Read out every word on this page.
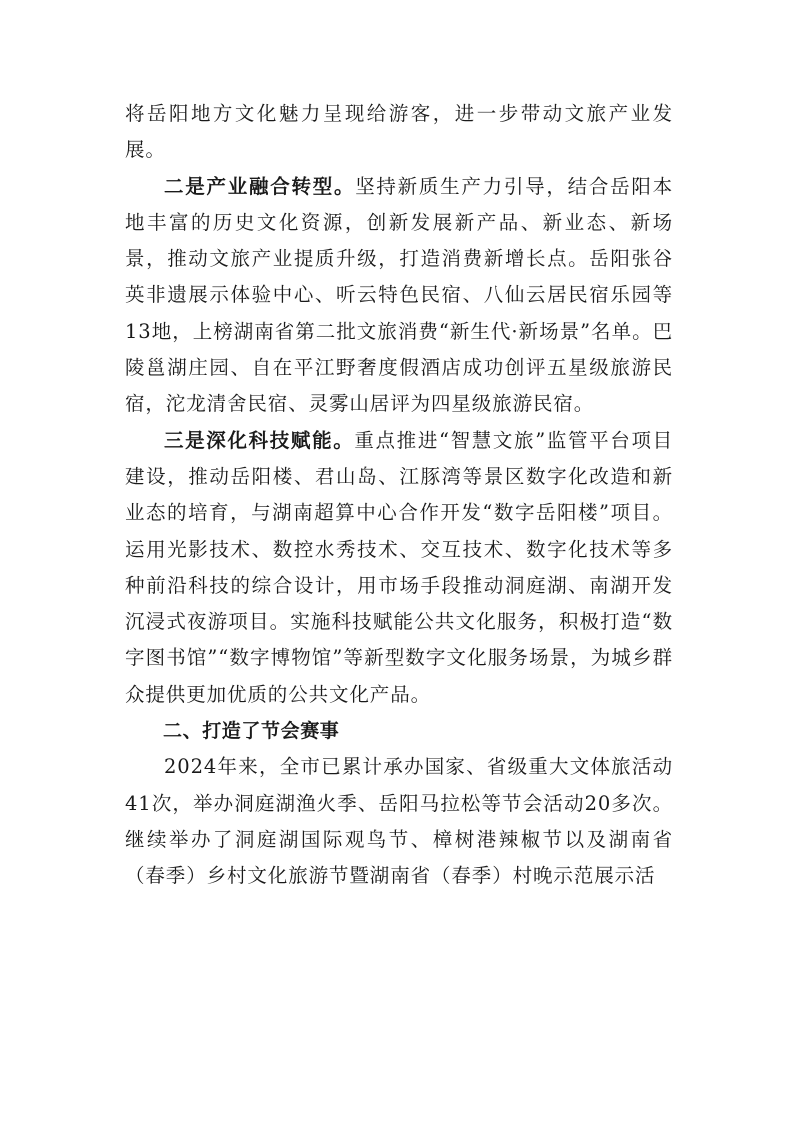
将岳阳地方文化魅力呈现给游客，进一步带动文旅产业发展。

二是产业融合转型。坚持新质生产力引导，结合岳阳本地丰富的历史文化资源，创新发展新产品、新业态、新场景，推动文旅产业提质升级，打造消费新增长点。岳阳张谷英非遗展示体验中心、听云特色民宿、八仙云居民宿乐园等13地，上榜湖南省第二批文旅消费“新生代·新场景”名单。巴陵邕湖庄园、自在平江野奢度假酒店成功创评五星级旅游民宿，沱龙清舍民宿、灵雾山居评为四星级旅游民宿。

三是深化科技赋能。重点推进“智慧文旅”监管平台项目建设，推动岳阳楼、君山岛、江豚湾等景区数字化改造和新业态的培育，与湖南超算中心合作开发“数字岳阳楼”项目。运用光影技术、数控水秀技术、交互技术、数字化技术等多种前沿科技的综合设计，用市场手段推动洞庭湖、南湖开发沉浸式夜游项目。实施科技赋能公共文化服务，积极打造“数字图书馆”“数字博物馆”等新型数字文化服务场景，为城乡群众提供更加优质的公共文化产品。

二、打造了节会赛事

2024年来，全市已累计承办国家、省级重大文体旅活动41次，举办洞庭湖渔火季、岳阳马拉松等节会活动20多次。继续举办了洞庭湖国际观鸟节、樟树港辣椒节以及湖南省（春季）乡村文化旅游节暨湖南省（春季）村晚示范展示活
